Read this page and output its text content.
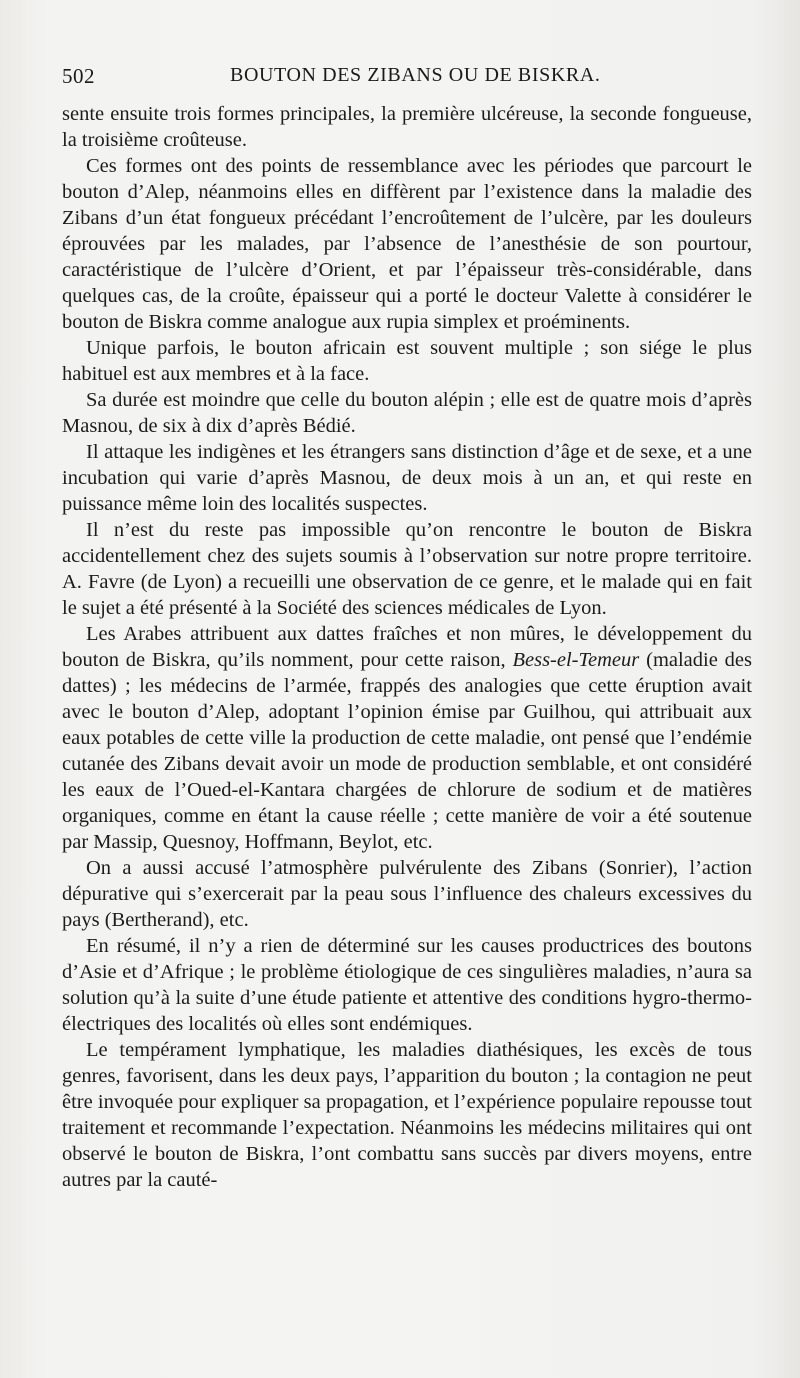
502	BOUTON DES ZIBANS OU DE BISKRA.

sente ensuite trois formes principales, la première ulcéreuse, la seconde fongueuse, la troisième croûteuse.

Ces formes ont des points de ressemblance avec les périodes que parcourt le bouton d’Alep, néanmoins elles en diffèrent par l’existence dans la maladie des Zibans d’un état fongueux précédant l’encroûtement de l’ulcère, par les douleurs éprouvées par les malades, par l’absence de l’anesthésie de son pourtour, caractéristique de l’ulcère d’Orient, et par l’épaisseur très-considérable, dans quelques cas, de la croûte, épaisseur qui a porté le docteur Valette à considérer le bouton de Biskra comme analogue aux rupia simplex et proéminents.

Unique parfois, le bouton africain est souvent multiple ; son siége le plus habituel est aux membres et à la face.

Sa durée est moindre que celle du bouton alépin ; elle est de quatre mois d’après Masnou, de six à dix d’après Bédié.

Il attaque les indigènes et les étrangers sans distinction d’âge et de sexe, et a une incubation qui varie d’après Masnou, de deux mois à un an, et qui reste en puissance même loin des localités suspectes.

Il n’est du reste pas impossible qu’on rencontre le bouton de Biskra accidentellement chez des sujets soumis à l’observation sur notre propre territoire. A. Favre (de Lyon) a recueilli une observation de ce genre, et le malade qui en fait le sujet a été présenté à la Société des sciences médicales de Lyon.

Les Arabes attribuent aux dattes fraîches et non mûres, le développement du bouton de Biskra, qu’ils nomment, pour cette raison, Bess-el-Temeur (maladie des dattes) ; les médecins de l’armée, frappés des analogies que cette éruption avait avec le bouton d’Alep, adoptant l’opinion émise par Guilhou, qui attribuait aux eaux potables de cette ville la production de cette maladie, ont pensé que l’endémie cutanée des Zibans devait avoir un mode de production semblable, et ont considéré les eaux de l’Oued-el-Kantara chargées de chlorure de sodium et de matières organiques, comme en étant la cause réelle ; cette manière de voir a été soutenue par Massip, Quesnoy, Hoffmann, Beylot, etc.

On a aussi accusé l’atmosphère pulvérulente des Zibans (Sonrier), l’action dépurative qui s’exercerait par la peau sous l’influence des chaleurs excessives du pays (Bertherand), etc.

En résumé, il n’y a rien de déterminé sur les causes productrices des boutons d’Asie et d’Afrique ; le problème étiologique de ces singulières maladies, n’aura sa solution qu’à la suite d’une étude patiente et attentive des conditions hygro-thermo-électriques des localités où elles sont endémiques.

Le tempérament lymphatique, les maladies diathésiques, les excès de tous genres, favorisent, dans les deux pays, l’apparition du bouton ; la contagion ne peut être invoquée pour expliquer sa propagation, et l’expérience populaire repousse tout traitement et recommande l’expectation. Néanmoins les médecins militaires qui ont observé le bouton de Biskra, l’ont combattu sans succès par divers moyens, entre autres par la cauté-
